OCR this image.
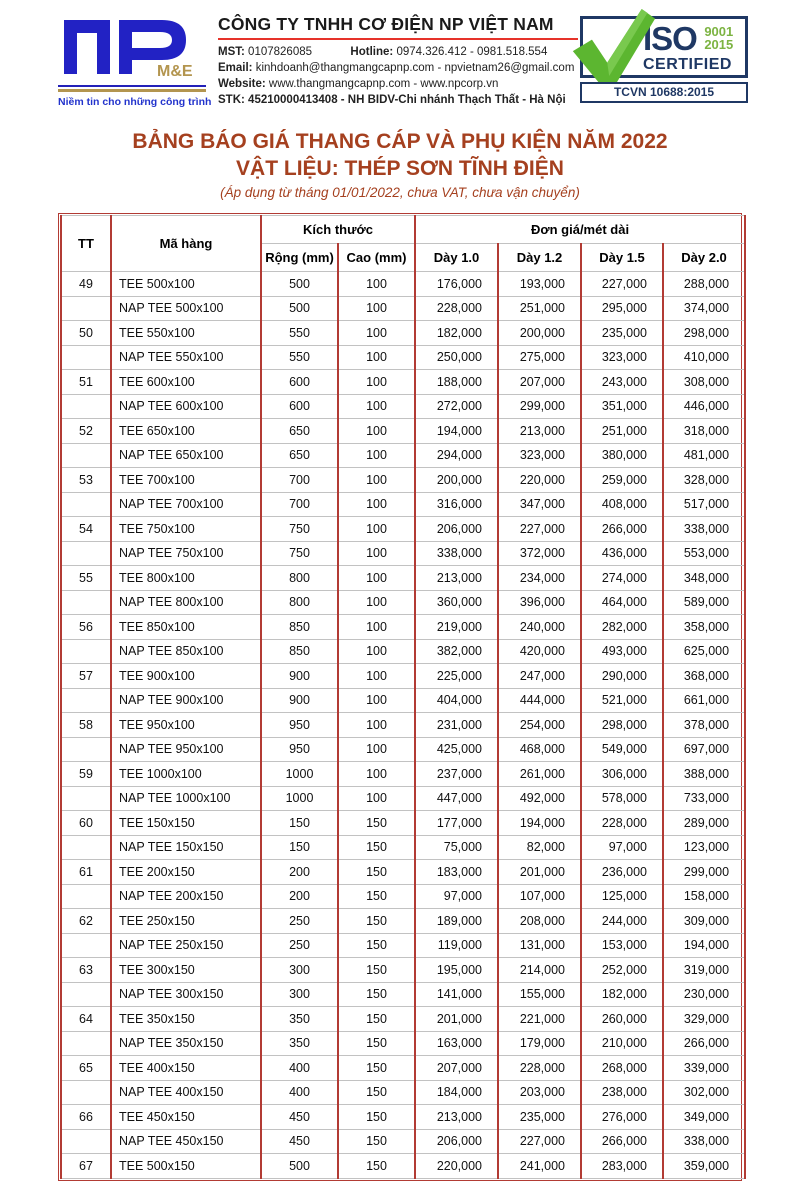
M&E
Niềm tin cho những công trình
CÔNG TY TNHH CƠ ĐIỆN NP VIỆT NAM
MST: 0107826085	Hotline: 0974.326.412 - 0981.518.554
Email: kinhdoanh@thangmangcapnp.com - npvietnam26@gmail.com
Website: www.thangmangcapnp.com - www.npcorp.vn
STK: 45210000413408 - NH BIDV-Chi nhánh Thạch Thất - Hà Nội
ISO 9001
2015
CERTIFIED
TCVN 10688:2015
BẢNG BÁO GIÁ THANG CÁP VÀ PHỤ KIỆN NĂM 2022
VẬT LIỆU: THÉP SƠN TĨNH ĐIỆN
(Áp dụng từ tháng 01/01/2022, chưa VAT, chưa vận chuyển)
TT	Mã hàng	Kích thước		Đơn giá/mét dài			
		Rộng (mm)	Cao (mm)	Dày 1.0	Dày 1.2	Dày 1.5	Dày 2.0
49	TEE 500x100	500	100	176,000	193,000	227,000	288,000
	NAP TEE 500x100	500	100	228,000	251,000	295,000	374,000
50	TEE 550x100	550	100	182,000	200,000	235,000	298,000
	NAP TEE 550x100	550	100	250,000	275,000	323,000	410,000
51	TEE 600x100	600	100	188,000	207,000	243,000	308,000
	NAP TEE 600x100	600	100	272,000	299,000	351,000	446,000
52	TEE 650x100	650	100	194,000	213,000	251,000	318,000
	NAP TEE 650x100	650	100	294,000	323,000	380,000	481,000
53	TEE 700x100	700	100	200,000	220,000	259,000	328,000
	NAP TEE 700x100	700	100	316,000	347,000	408,000	517,000
54	TEE 750x100	750	100	206,000	227,000	266,000	338,000
	NAP TEE 750x100	750	100	338,000	372,000	436,000	553,000
55	TEE 800x100	800	100	213,000	234,000	274,000	348,000
	NAP TEE 800x100	800	100	360,000	396,000	464,000	589,000
56	TEE 850x100	850	100	219,000	240,000	282,000	358,000
	NAP TEE 850x100	850	100	382,000	420,000	493,000	625,000
57	TEE 900x100	900	100	225,000	247,000	290,000	368,000
	NAP TEE 900x100	900	100	404,000	444,000	521,000	661,000
58	TEE 950x100	950	100	231,000	254,000	298,000	378,000
	NAP TEE 950x100	950	100	425,000	468,000	549,000	697,000
59	TEE 1000x100	1000	100	237,000	261,000	306,000	388,000
	NAP TEE 1000x100	1000	100	447,000	492,000	578,000	733,000
60	TEE 150x150	150	150	177,000	194,000	228,000	289,000
	NAP TEE 150x150	150	150	75,000	82,000	97,000	123,000
61	TEE 200x150	200	150	183,000	201,000	236,000	299,000
	NAP TEE 200x150	200	150	97,000	107,000	125,000	158,000
62	TEE 250x150	250	150	189,000	208,000	244,000	309,000
	NAP TEE 250x150	250	150	119,000	131,000	153,000	194,000
63	TEE 300x150	300	150	195,000	214,000	252,000	319,000
	NAP TEE 300x150	300	150	141,000	155,000	182,000	230,000
64	TEE 350x150	350	150	201,000	221,000	260,000	329,000
	NAP TEE 350x150	350	150	163,000	179,000	210,000	266,000
65	TEE 400x150	400	150	207,000	228,000	268,000	339,000
	NAP TEE 400x150	400	150	184,000	203,000	238,000	302,000
66	TEE 450x150	450	150	213,000	235,000	276,000	349,000
	NAP TEE 450x150	450	150	206,000	227,000	266,000	338,000
67	TEE 500x150	500	150	220,000	241,000	283,000	359,000
